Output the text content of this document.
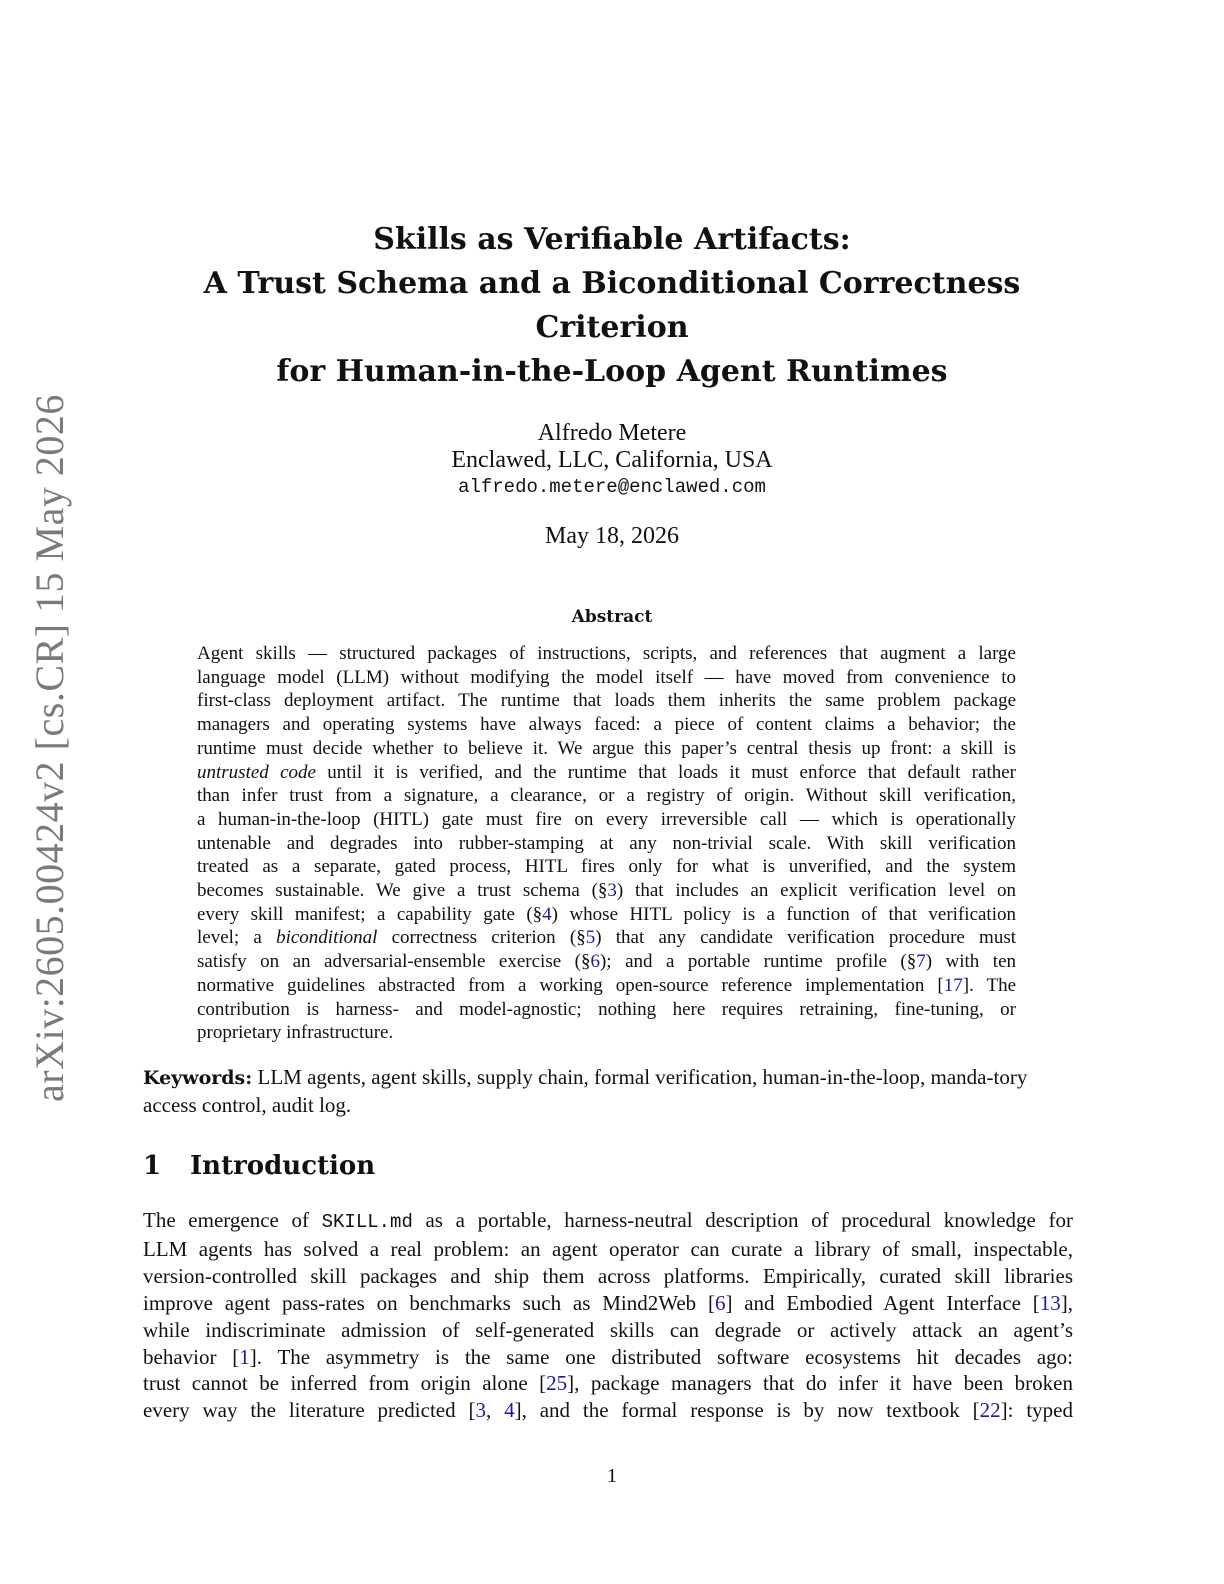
arXiv:2605.00424v2 [cs.CR] 15 May 2026
Skills as Verifiable Artifacts:
A Trust Schema and a Biconditional Correctness
Criterion
for Human-in-the-Loop Agent Runtimes
Alfredo Metere
Enclawed, LLC, California, USA
alfredo.metere@enclawed.com
May 18, 2026
Abstract
Agent skills — structured packages of instructions, scripts, and references that augment a large
language model (LLM) without modifying the model itself — have moved from convenience to
first-class deployment artifact. The runtime that loads them inherits the same problem package
managers and operating systems have always faced: a piece of content claims a behavior; the
runtime must decide whether to believe it. We argue this paper’s central thesis up front: a skill is
untrusted code until it is verified, and the runtime that loads it must enforce that default rather
than infer trust from a signature, a clearance, or a registry of origin. Without skill verification,
a human-in-the-loop (HITL) gate must fire on every irreversible call — which is operationally
untenable and degrades into rubber-stamping at any non-trivial scale. With skill verification
treated as a separate, gated process, HITL fires only for what is unverified, and the system
becomes sustainable. We give a trust schema (§3) that includes an explicit verification level on
every skill manifest; a capability gate (§4) whose HITL policy is a function of that verification
level; a biconditional correctness criterion (§5) that any candidate verification procedure must
satisfy on an adversarial-ensemble exercise (§6); and a portable runtime profile (§7) with ten
normative guidelines abstracted from a working open-source reference implementation [17]. The
contribution is harness- and model-agnostic; nothing here requires retraining, fine-tuning, or
proprietary infrastructure.
Keywords: LLM agents, agent skills, supply chain, formal verification, human-in-the-loop, manda-tory access control, audit log.
1 Introduction
The emergence of SKILL.md as a portable, harness-neutral description of procedural knowledge for
LLM agents has solved a real problem: an agent operator can curate a library of small, inspectable,
version-controlled skill packages and ship them across platforms. Empirically, curated skill libraries
improve agent pass-rates on benchmarks such as Mind2Web [6] and Embodied Agent Interface [13],
while indiscriminate admission of self-generated skills can degrade or actively attack an agent’s
behavior [1]. The asymmetry is the same one distributed software ecosystems hit decades ago:
trust cannot be inferred from origin alone [25], package managers that do infer it have been broken
every way the literature predicted [3, 4], and the formal response is by now textbook [22]: typed
1
